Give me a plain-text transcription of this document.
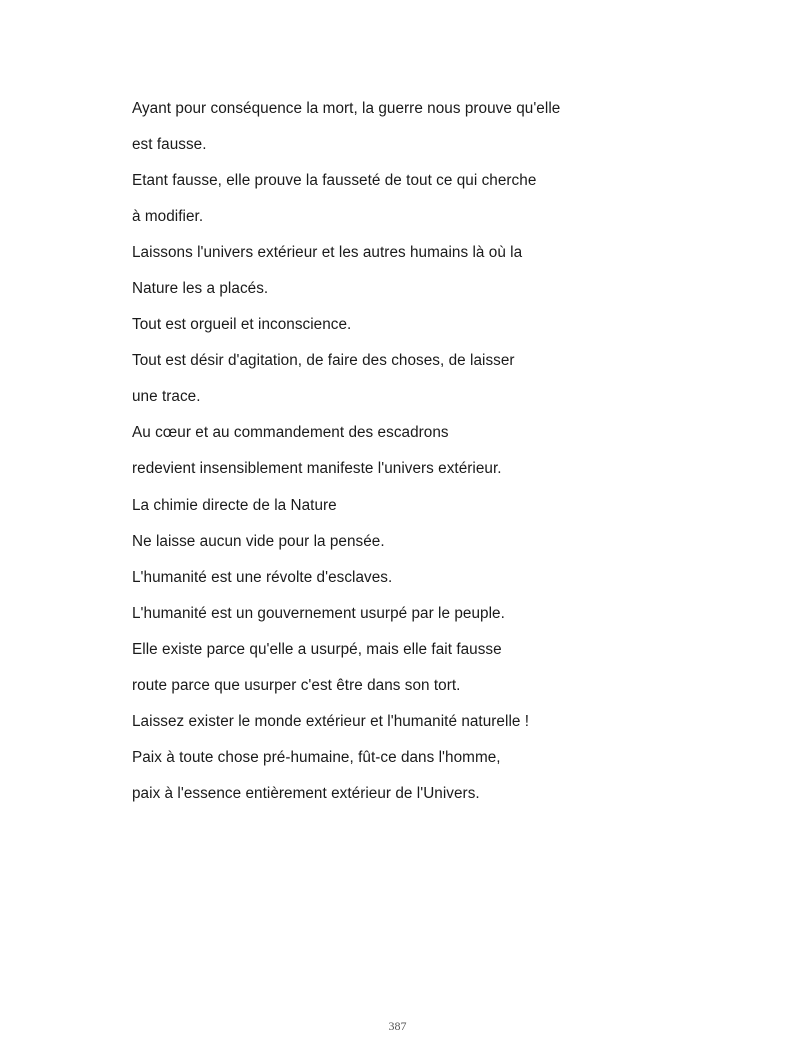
Ayant pour conséquence la mort, la guerre nous prouve qu'elle
est fausse.
Etant fausse, elle prouve la fausseté de tout ce qui cherche
à modifier.
Laissons l'univers extérieur et les autres humains là où la
Nature les a placés.
Tout est orgueil et inconscience.
Tout est désir d'agitation, de faire des choses, de laisser
une trace.
Au cœur et au commandement des escadrons
redevient insensiblement manifeste l'univers extérieur.
La chimie directe de la Nature
Ne laisse aucun vide pour la pensée.
L'humanité est une révolte d'esclaves.
L'humanité est un gouvernement usurpé par le peuple.
Elle existe parce qu'elle a usurpé, mais elle fait fausse
route parce que usurper c'est être dans son tort.
Laissez exister le monde extérieur et l'humanité naturelle !
Paix à toute chose pré-humaine, fût-ce dans l'homme,
paix à l'essence entièrement extérieur de l'Univers.
387
